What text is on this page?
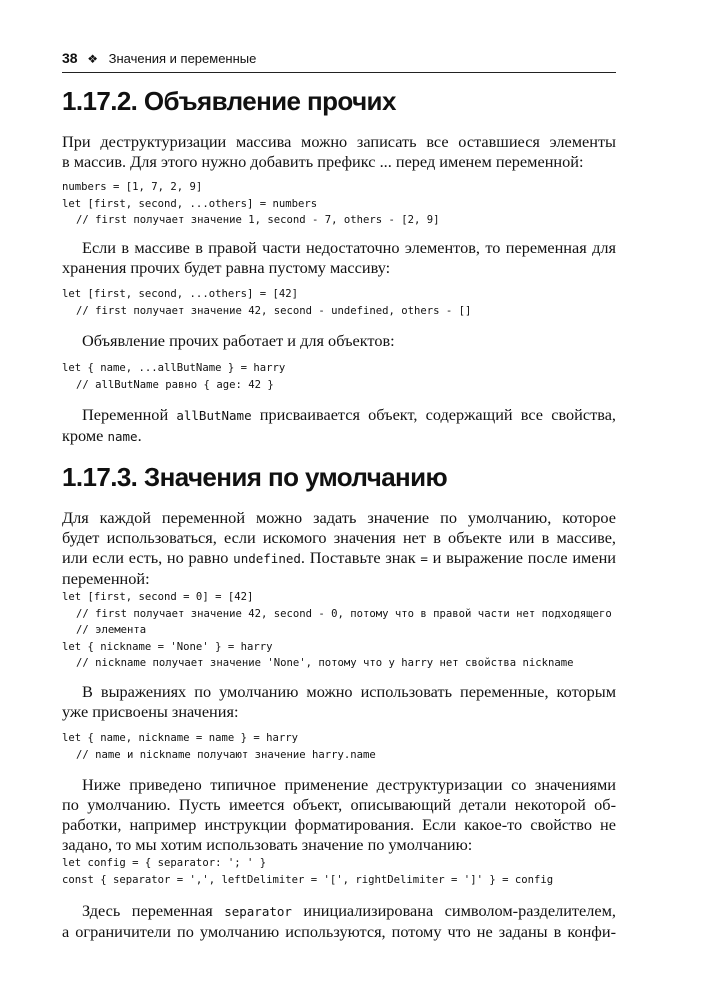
38 ❖ Значения и переменные
1.17.2. Объявление прочих
При деструктуризации массива можно записать все оставшиеся элементы
в массив. Для этого нужно добавить префикс ... перед именем переменной:
numbers = [1, 7, 2, 9]
let [first, second, ...others] = numbers
// first получает значение 1, second - 7, others - [2, 9]
Если в массиве в правой части недостаточно элементов, то переменная для
хранения прочих будет равна пустому массиву:
let [first, second, ...others] = [42]
// first получает значение 42, second - undefined, others - []
Объявление прочих работает и для объектов:
let { name, ...allButName } = harry
// allButName равно { age: 42 }
Переменной allButName присваивается объект, содержащий все свойства,
кроме name.
1.17.3. Значения по умолчанию
Для каждой переменной можно задать значение по умолчанию, которое
будет использоваться, если искомого значения нет в объекте или в массиве,
или если есть, но равно undefined. Поставьте знак = и выражение после имени
переменной:
let [first, second = 0] = [42]
// first получает значение 42, second - 0, потому что в правой части нет подходящего
// элемента
let { nickname = 'None' } = harry
// nickname получает значение 'None', потому что у harry нет свойства nickname
В выражениях по умолчанию можно использовать переменные, которым
уже присвоены значения:
let { name, nickname = name } = harry
// name и nickname получают значение harry.name
Ниже приведено типичное применение деструктуризации со значениями
по умолчанию. Пусть имеется объект, описывающий детали некоторой об-
работки, например инструкции форматирования. Если какое-то свойство не
задано, то мы хотим использовать значение по умолчанию:
let config = { separator: '; ' }
const { separator = ',', leftDelimiter = '[', rightDelimiter = ']' } = config
Здесь переменная separator инициализирована символом-разделителем,
а ограничители по умолчанию используются, потому что не заданы в конфи-
